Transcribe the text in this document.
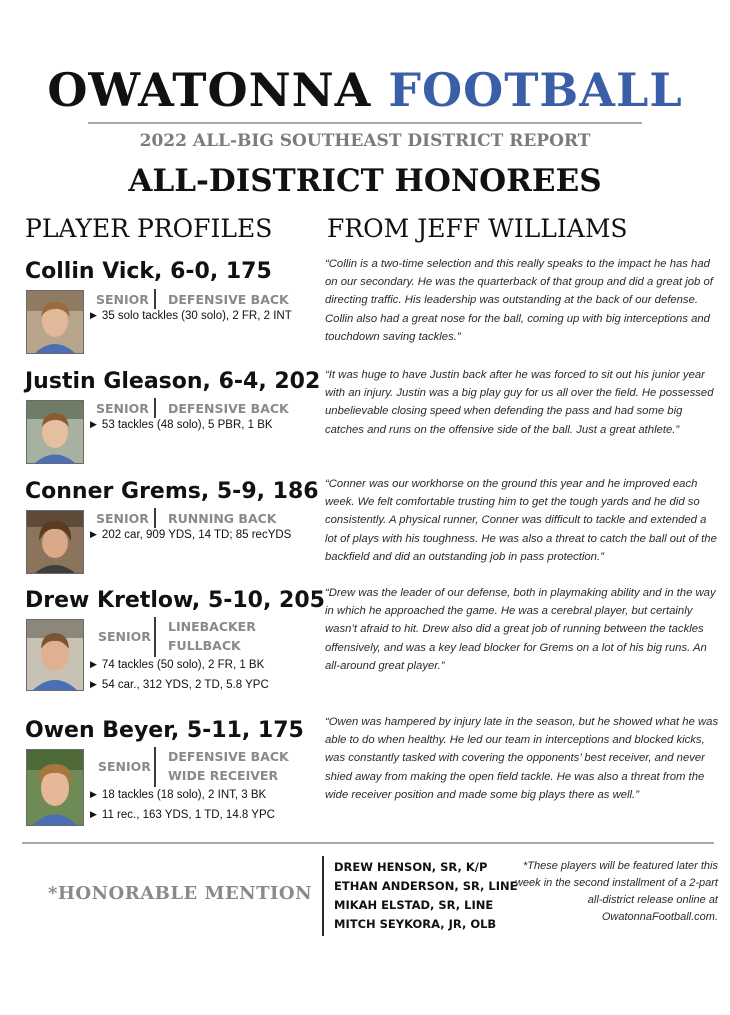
OWATONNA FOOTBALL
2022 ALL-BIG SOUTHEAST DISTRICT REPORT
ALL-DISTRICT HONOREES
PLAYER PROFILES FROM JEFF WILLIAMS
Collin Vick, 6-0, 175
SENIOR DEFENSIVE BACK
▶ 35 solo tackles (30 solo), 2 FR, 2 INT
“Collin is a two-time selection and this really speaks to the impact he has had on our secondary. He was the quarterback of that group and did a great job of directing traffic. His leadership was outstanding at the back of our defense. Collin also had a great nose for the ball, coming up with big interceptions and touchdown saving tackles.”
Justin Gleason, 6-4, 202
SENIOR DEFENSIVE BACK
▶ 53 tackles (48 solo), 5 PBR, 1 BK
“It was huge to have Justin back after he was forced to sit out his junior year with an injury. Justin was a big play guy for us all over the field. He possessed unbelievable closing speed when defending the pass and had some big catches and runs on the offensive side of the ball. Just a great athlete.”
Conner Grems, 5-9, 186
SENIOR RUNNING BACK
▶ 202 car, 909 YDS, 14 TD; 85 recYDS
“Conner was our workhorse on the ground this year and he improved each week. We felt comfortable trusting him to get the tough yards and he did so consistently. A physical runner, Conner was difficult to tackle and extended a lot of plays with his toughness. He was also a threat to catch the ball out of the backfield and did an outstanding job in pass protection.”
Drew Kretlow, 5-10, 205
SENIOR
LINEBACKER
FULLBACK
▶ 74 tackles (50 solo), 2 FR, 1 BK
▶ 54 car., 312 YDS, 2 TD, 5.8 YPC
“Drew was the leader of our defense, both in playmaking ability and in the way in which he approached the game. He was a cerebral player, but certainly wasn’t afraid to hit. Drew also did a great job of running between the tackles offensively, and was a key lead blocker for Grems on a lot of his big runs. An all-around great player.”
Owen Beyer, 5-11, 175
SENIOR
DEFENSIVE BACK
WIDE RECEIVER
▶ 18 tackles (18 solo), 2 INT, 3 BK
▶ 11 rec., 163 YDS, 1 TD, 14.8 YPC
“Owen was hampered by injury late in the season, but he showed what he was able to do when healthy. He led our team in interceptions and blocked kicks, was constantly tasked with covering the opponents’ best receiver, and never shied away from making the open field tackle. He was also a threat from the wide receiver position and made some big plays there as well.”
*HONORABLE MENTION
DREW HENSON, SR, K/P
ETHAN ANDERSON, SR, LINE
MIKAH ELSTAD, SR, LINE
MITCH SEYKORA, JR, OLB
*These players will be featured later this week in the second installment of a 2-part all-district release online at OwatonnaFootball.com.
